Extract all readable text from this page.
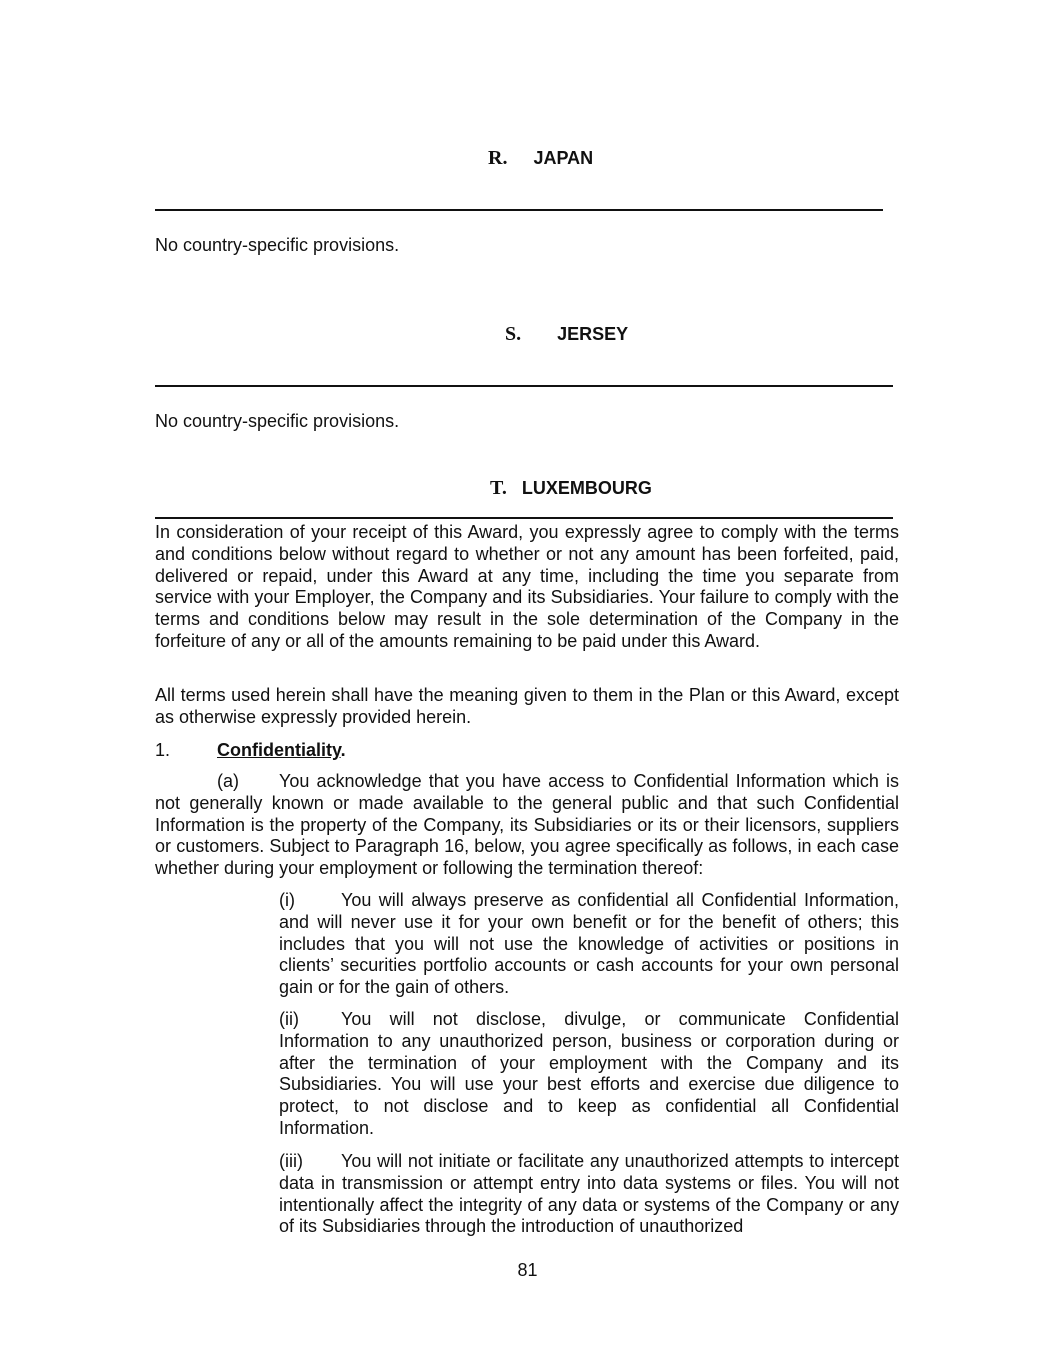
R. JAPAN
No country-specific provisions.
S. JERSEY
No country-specific provisions.
T. LUXEMBOURG
In consideration of your receipt of this Award, you expressly agree to comply with the terms and conditions below without regard to whether or not any amount has been forfeited, paid, delivered or repaid, under this Award at any time, including the time you separate from service with your Employer, the Company and its Subsidiaries. Your failure to comply with the terms and conditions below may result in the sole determination of the Company in the forfeiture of any or all of the amounts remaining to be paid under this Award.
All terms used herein shall have the meaning given to them in the Plan or this Award, except as otherwise expressly provided herein.
1.	Confidentiality.
(a) You acknowledge that you have access to Confidential Information which is not generally known or made available to the general public and that such Confidential Information is the property of the Company, its Subsidiaries or its or their licensors, suppliers or customers. Subject to Paragraph 16, below, you agree specifically as follows, in each case whether during your employment or following the termination thereof:
(i)	You will always preserve as confidential all Confidential Information, and will never use it for your own benefit or for the benefit of others; this includes that you will not use the knowledge of activities or positions in clients’ securities portfolio accounts or cash accounts for your own personal gain or for the gain of others.
(ii) You will not disclose, divulge, or communicate Confidential Information to any unauthorized person, business or corporation during or after the termination of your employment with the Company and its Subsidiaries. You will use your best efforts and exercise due diligence to protect, to not disclose and to keep as confidential all Confidential Information.
(iii) You will not initiate or facilitate any unauthorized attempts to intercept data in transmission or attempt entry into data systems or files. You will not intentionally affect the integrity of any data or systems of the Company or any of its Subsidiaries through the introduction of unauthorized
81
